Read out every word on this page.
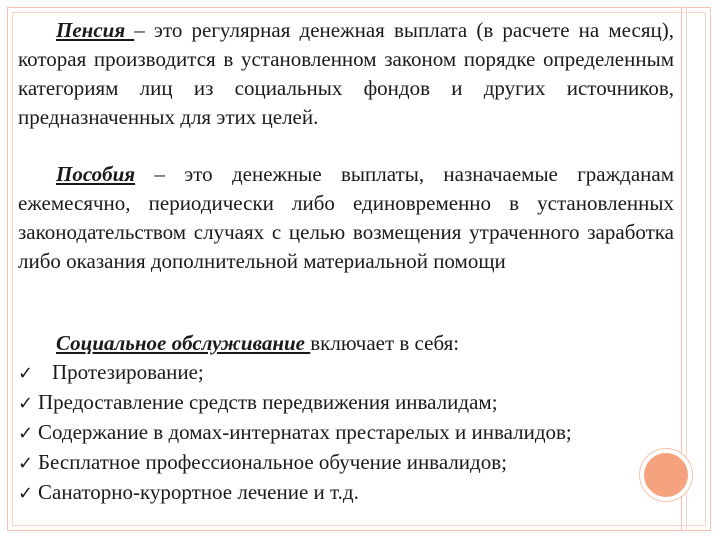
Пенсия – это регулярная денежная выплата (в расчете на месяц), которая производится в установленном законом порядке определенным категориям лиц из социальных фондов и других источников, предназначенных для этих целей.

Пособия – это денежные выплаты, назначаемые гражданам ежемесячно, периодически либо единовременно в установленных законодательством случаях с целью возмещения утраченного заработка либо оказания дополнительной материальной помощи

Социальное обслуживание включает в себя:

✓ Протезирование;
✓ Предоставление средств передвижения инвалидам;
✓ Содержание в домах-интернатах престарелых и инвалидов;
✓ Бесплатное профессиональное обучение инвалидов;
✓ Санаторно-курортное лечение и т.д.
